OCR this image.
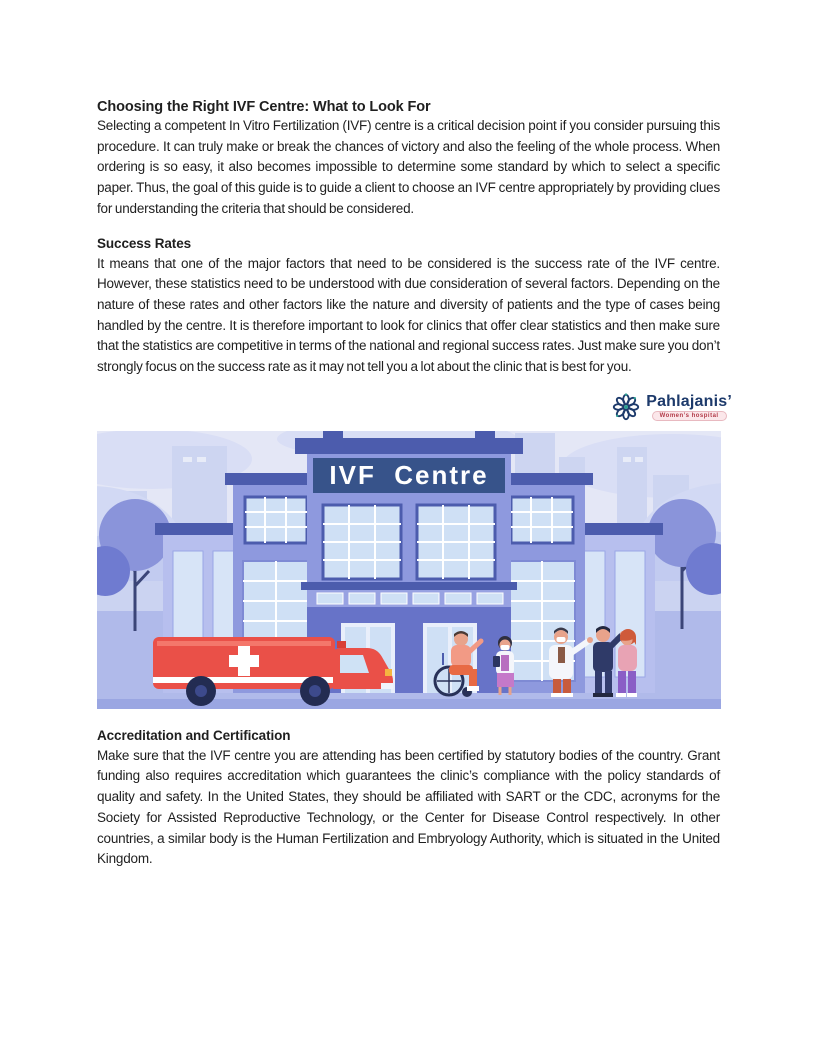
Choosing the Right IVF Centre: What to Look For

Selecting a competent In Vitro Fertilization (IVF) centre is a critical decision point if you consider pursuing this procedure. It can truly make or break the chances of victory and also the feeling of the whole process. When ordering is so easy, it also becomes impossible to determine some standard by which to select a specific paper. Thus, the goal of this guide is to guide a client to choose an IVF centre appropriately by providing clues for understanding the criteria that should be considered.

Success Rates

It means that one of the major factors that need to be considered is the success rate of the IVF centre. However, these statistics need to be understood with due consideration of several factors. Depending on the nature of these rates and other factors like the nature and diversity of patients and the type of cases being handled by the centre. It is therefore important to look for clinics that offer clear statistics and then make sure that the statistics are competitive in terms of the national and regional success rates. Just make sure you don’t strongly focus on the success rate as it may not tell you a lot about the clinic that is best for you.

Pahlajanis’
Women’s hospital
IVF  Centre
Accreditation and Certification

Make sure that the IVF centre you are attending has been certified by statutory bodies of the country. Grant funding also requires accreditation which guarantees the clinic’s compliance with the policy standards of quality and safety. In the United States, they should be affiliated with SART or the CDC, acronyms for the Society for Assisted Reproductive Technology, or the Center for Disease Control respectively. In other countries, a similar body is the Human Fertilization and Embryology Authority, which is situated in the United Kingdom.
